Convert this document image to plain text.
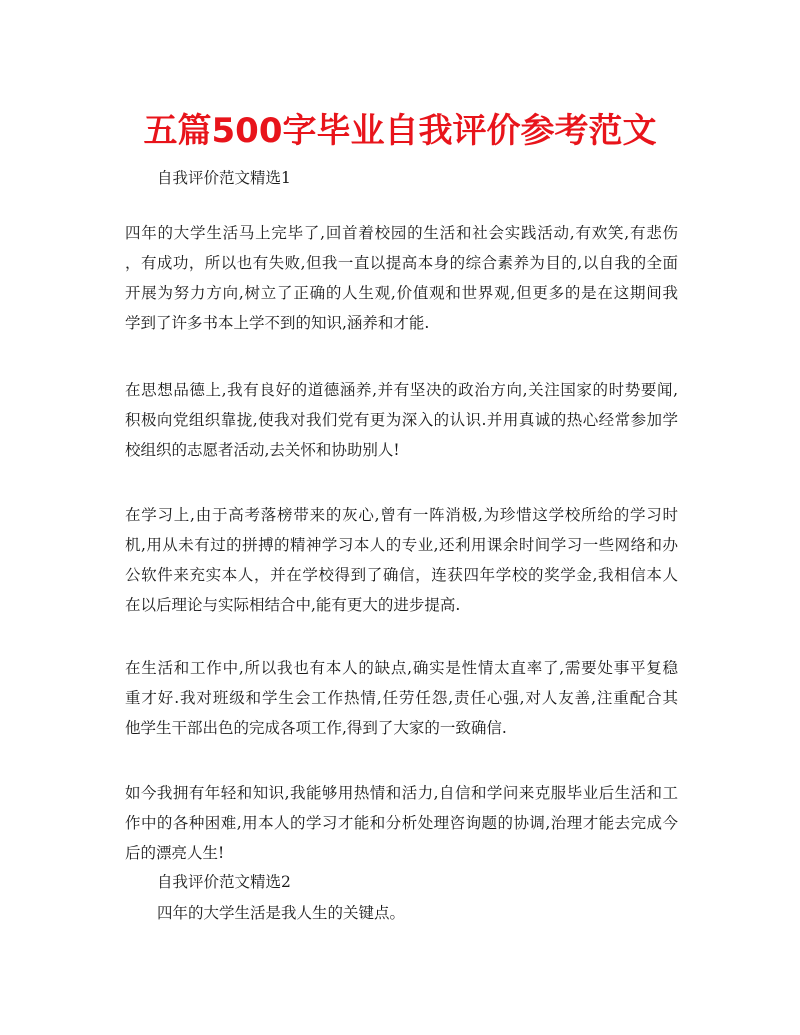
五篇500字毕业自我评价参考范文

自我评价范文精选1

四年的大学生活马上完毕了,回首着校园的生活和社会实践活动,有欢笑,有悲伤
，有成功，所以也有失败,但我一直以提高本身的综合素养为目的,以自我的全面
开展为努力方向,树立了正确的人生观,价值观和世界观,但更多的是在这期间我
学到了许多书本上学不到的知识,涵养和才能.
在思想品德上,我有良好的道德涵养,并有坚决的政治方向,关注国家的时势要闻,
积极向党组织靠拢,使我对我们党有更为深入的认识.并用真诚的热心经常参加学
校组织的志愿者活动,去关怀和协助别人!
在学习上,由于高考落榜带来的灰心,曾有一阵消极,为珍惜这学校所给的学习时
机,用从未有过的拼搏的精神学习本人的专业,还利用课余时间学习一些网络和办
公软件来充实本人，并在学校得到了确信，连获四年学校的奖学金,我相信本人
在以后理论与实际相结合中,能有更大的进步提高.
在生活和工作中,所以我也有本人的缺点,确实是性情太直率了,需要处事平复稳
重才好.我对班级和学生会工作热情,任劳任怨,责任心强,对人友善,注重配合其
他学生干部出色的完成各项工作,得到了大家的一致确信.
如今我拥有年轻和知识,我能够用热情和活力,自信和学问来克服毕业后生活和工
作中的各种困难,用本人的学习才能和分析处理咨询题的协调,治理才能去完成今
后的漂亮人生!

自我评价范文精选2

四年的大学生活是我人生的关键点。
